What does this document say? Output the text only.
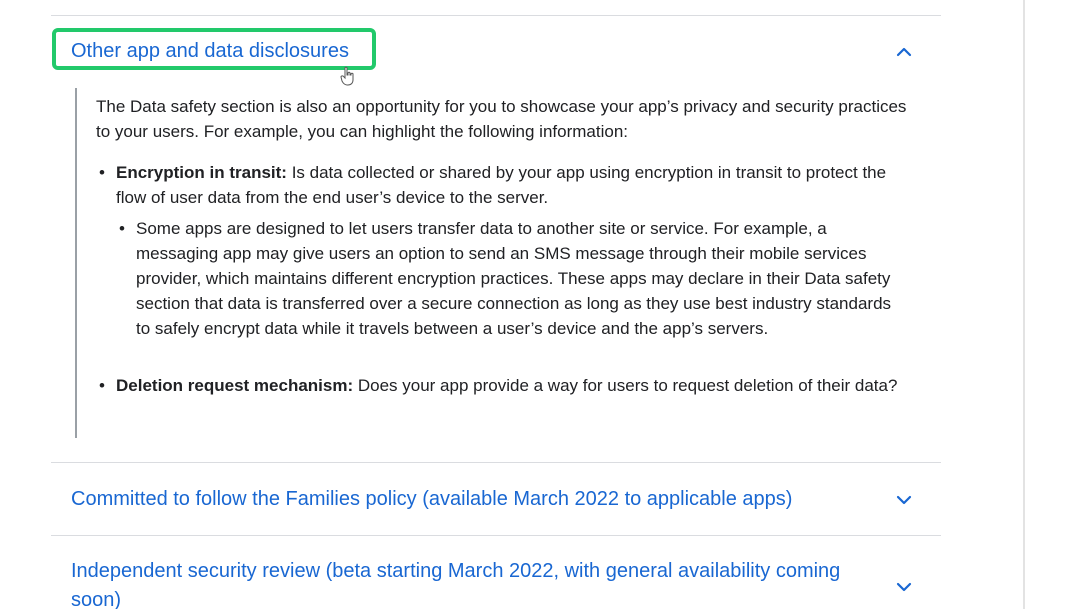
Other app and data disclosures
The Data safety section is also an opportunity for you to showcase your app’s privacy and security practices to your users. For example, you can highlight the following information:
• Encryption in transit: Is data collected or shared by your app using encryption in transit to protect the flow of user data from the end user’s device to the server.
• Some apps are designed to let users transfer data to another site or service. For example, a messaging app may give users an option to send an SMS message through their mobile services provider, which maintains different encryption practices. These apps may declare in their Data safety section that data is transferred over a secure connection as long as they use best industry standards to safely encrypt data while it travels between a user’s device and the app’s servers.
• Deletion request mechanism: Does your app provide a way for users to request deletion of their data?
Committed to follow the Families policy (available March 2022 to applicable apps)
Independent security review (beta starting March 2022, with general availability coming soon)
